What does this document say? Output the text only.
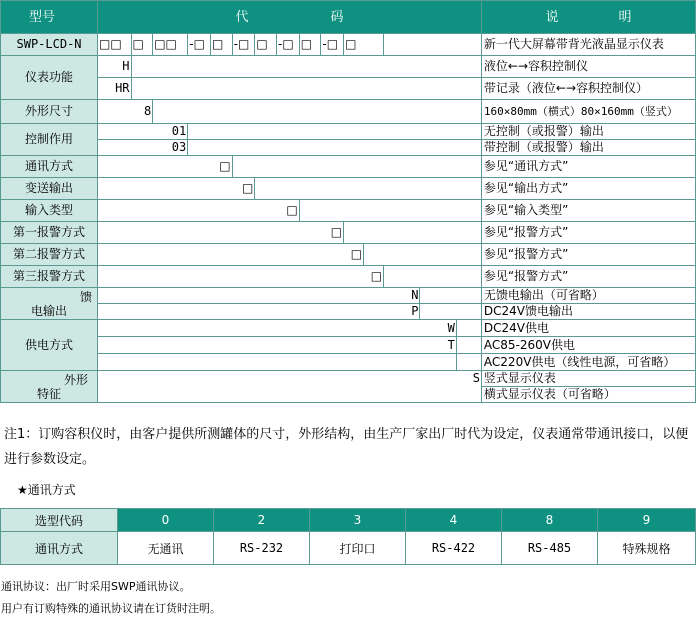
型号	代 码															说 明
SWP-LCD-N	□□	□	□□	-□	□	-□	□	-□	□	-□	□					新一代大屏幕带背光液晶显示仪表
仪表功能	H															液位←→容积控制仪
	HR															带记录（液位←→容积控制仪）
外形尺寸	8															160×80mm（横式）80×160mm（竖式）
控制作用	01															无控制（或报警）输出
	03															带控制（或报警）输出
通讯方式	□															参见“通讯方式”
变送输出	□															参见“输出方式”
输入类型	□															参见“输入类型”
第一报警方式	□															参见“报警方式”
第二报警方式	□															参见“报警方式”
第三报警方式	□															参见“报警方式”

馈
电输出	N															无馈电输出（可省略）
	P															DC24V馈电输出
供电方式	W															DC24V供电
	T															AC85-260V供电
																AC220V供电（线性电源，可省略）

外形
特征	S															竖式显示仪表
																横式显示仪表（可省略）
注1：订购容积仪时，由客户提供所测罐体的尺寸，外形结构，由生产厂家出厂时代为设定，仪表通常带通讯接口，以便进行参数设定。
★通讯方式
选型代码	0	2	3	4	8	9
通讯方式	无通讯	RS-232	打印口	RS-422	RS-485	特殊规格
通讯协议：出厂时采用SWP通讯协议。
用户有订购特殊的通讯协议请在订货时注明。
